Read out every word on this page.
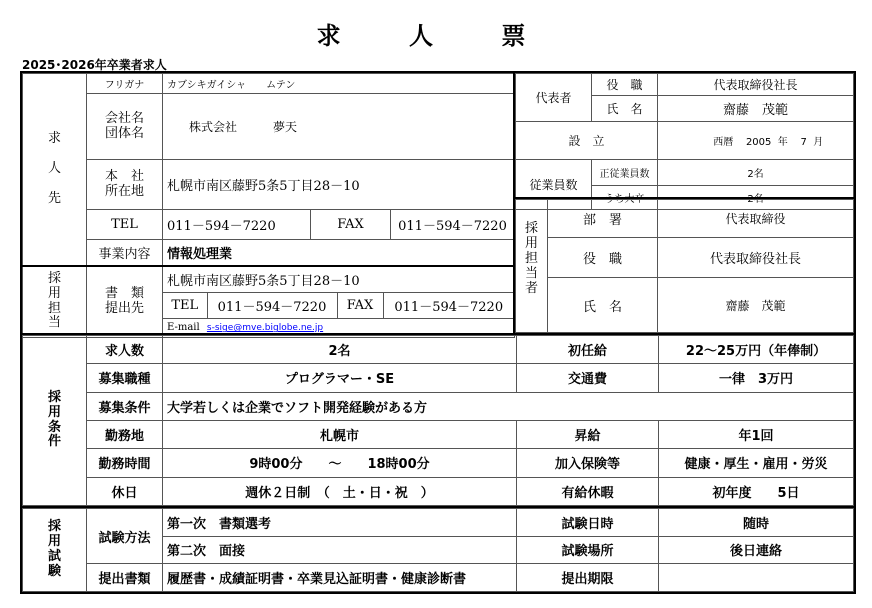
求 人 票
2025･2026年卒業者求人
求

人

先	フリガナ	カブシキガイシャ　　ムテン
会社名
団体名	株式会社　　　夢天
本　社
所在地	札幌市南区藤野5条5丁目28－10
TEL	011－594－7220	FAX	011－594－7220
事業内容	情報処理業
採
用
担
当	書　類
提出先	
札幌市南区藤野5条5丁目28－10
TEL	011－594－7220	FAX	011－594－7220
E-mail s-sige@mve.biglobe.ne.jp
代表者	役　職	代表取締役社長
	氏　名	齋藤　茂範
設　立		西暦 2005 年 7 月

従業員数	正従業員数	2名
	うち大卒	2名
採
用
担
当
者	部　署	代表取締役
	役　職	代表取締役社長
	氏　名	齋藤　茂範
採
用
条
件	求人数	2名	初任給	22～25万円（年俸制）
	募集職種	プログラマー・SE	交通費	一律　3万円
	募集条件	大学若しくは企業でソフト開発経験がある方		
	勤務地	札幌市	昇給	年1回
	勤務時間	9時00分　　～　　18時00分	加入保険等	健康・厚生・雇用・労災
	休日	週休２日制　（　土・日・祝　）	有給休暇	初年度　　5日
採
用
試
験	試験方法	第一次　書類選考	試験日時	随時
		第二次　面接	試験場所	後日連絡
	提出書類	履歴書・成績証明書・卒業見込証明書・健康診断書	提出期限	
